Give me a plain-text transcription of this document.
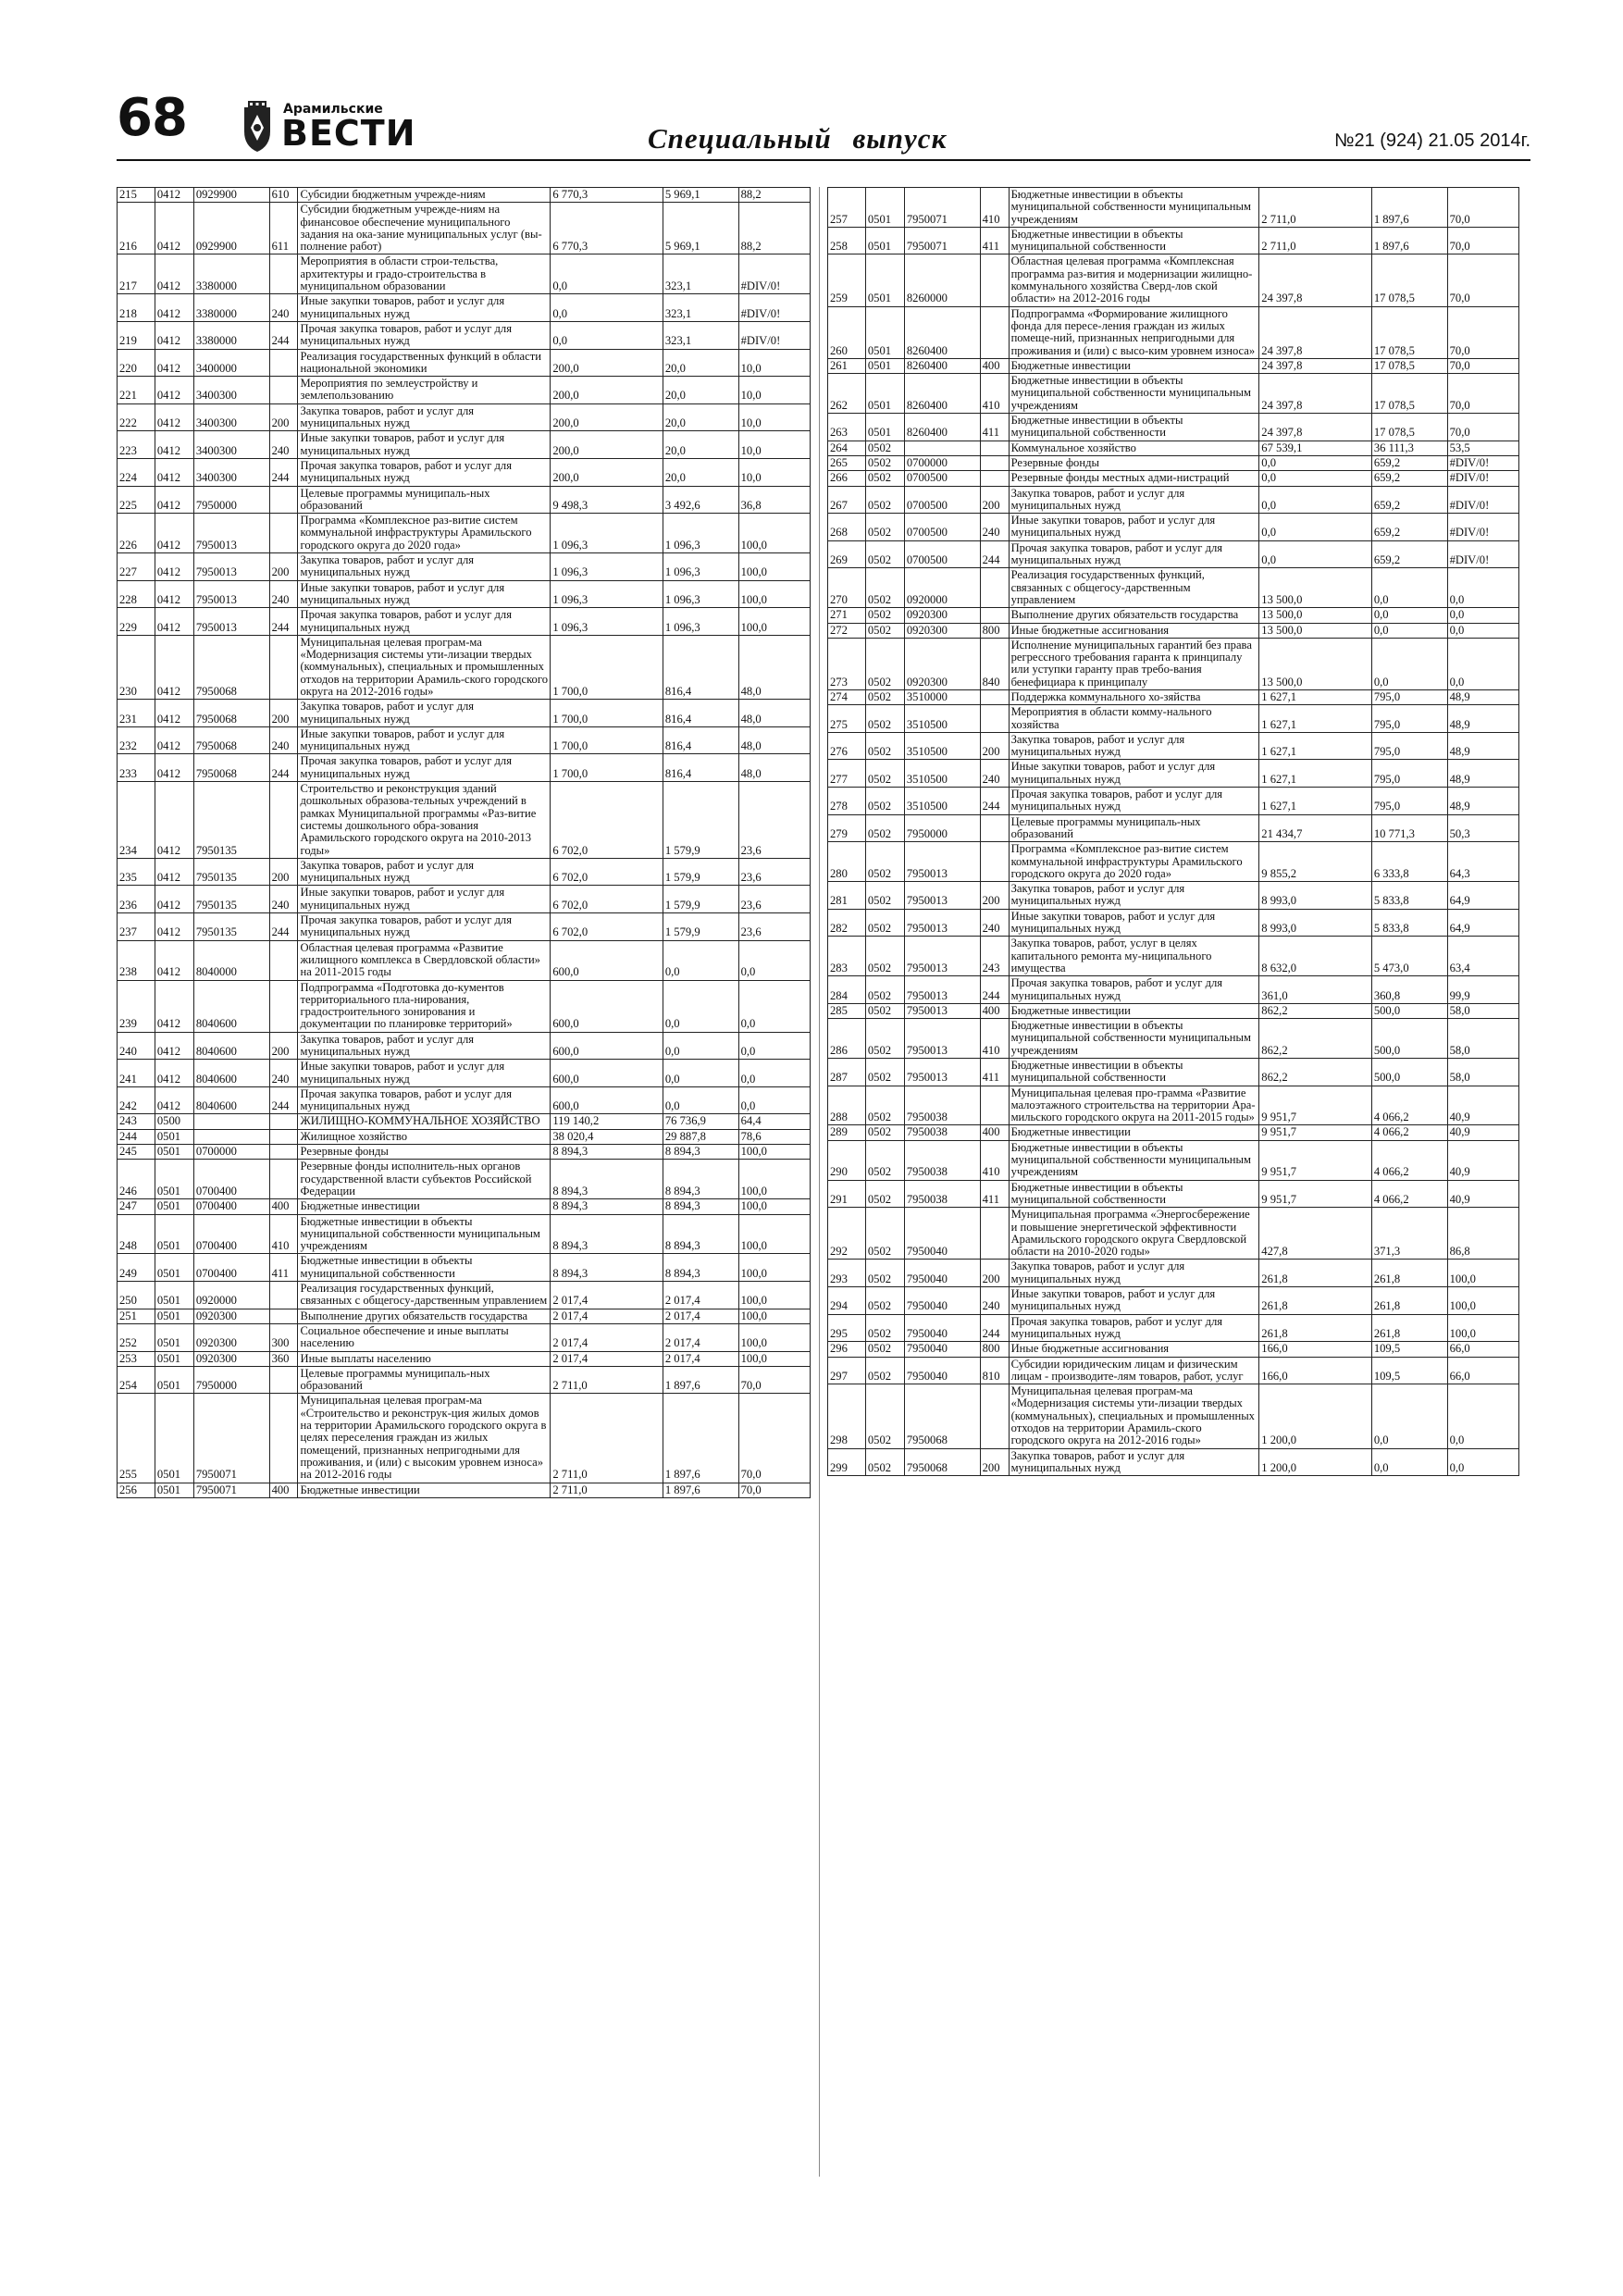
68	Арамильские
ВЕСТИ	Специальный выпуск	№21 (924) 21.05 2014г.
215	0412	0929900	610	Субсидии бюджетным учрежде-ниям	6 770,3	5 969,1	88,2
216	0412	0929900	611	Субсидии бюджетным учрежде-ниям на финансовое обеспечение муниципального задания на ока-зание муниципальных услуг (вы-полнение работ)	6 770,3	5 969,1	88,2
217	0412	3380000		Мероприятия в области строи-тельства, архитектуры и градо-строительства в муниципальном образовании	0,0	323,1	#DIV/0!
218	0412	3380000	240	Иные закупки товаров, работ и услуг для муниципальных нужд	0,0	323,1	#DIV/0!
219	0412	3380000	244	Прочая закупка товаров, работ и услуг для муниципальных нужд	0,0	323,1	#DIV/0!
220	0412	3400000		Реализация государственных функций в области национальной экономики	200,0	20,0	10,0
221	0412	3400300		Мероприятия по землеустройству и землепользованию	200,0	20,0	10,0
222	0412	3400300	200	Закупка товаров, работ и услуг для муниципальных нужд	200,0	20,0	10,0
223	0412	3400300	240	Иные закупки товаров, работ и услуг для муниципальных нужд	200,0	20,0	10,0
224	0412	3400300	244	Прочая закупка товаров, работ и услуг для муниципальных нужд	200,0	20,0	10,0
225	0412	7950000		Целевые программы муниципаль-ных образований	9 498,3	3 492,6	36,8
226	0412	7950013		Программа «Комплексное раз-витие систем коммунальной инфраструктуры Арамильского городского округа до 2020 года»	1 096,3	1 096,3	100,0
227	0412	7950013	200	Закупка товаров, работ и услуг для муниципальных нужд	1 096,3	1 096,3	100,0
228	0412	7950013	240	Иные закупки товаров, работ и услуг для муниципальных нужд	1 096,3	1 096,3	100,0
229	0412	7950013	244	Прочая закупка товаров, работ и услуг для муниципальных нужд	1 096,3	1 096,3	100,0
230	0412	7950068		Муниципальная целевая програм-ма «Модернизация системы ути-лизации твердых (коммунальных), специальных и промышленных отходов на территории Арамиль-ского городского округа на 2012-2016 годы»	1 700,0	816,4	48,0
231	0412	7950068	200	Закупка товаров, работ и услуг для муниципальных нужд	1 700,0	816,4	48,0
232	0412	7950068	240	Иные закупки товаров, работ и услуг для муниципальных нужд	1 700,0	816,4	48,0
233	0412	7950068	244	Прочая закупка товаров, работ и услуг для муниципальных нужд	1 700,0	816,4	48,0
234	0412	7950135		Строительство и реконструкция зданий дошкольных образова-тельных учреждений в рамках Муниципальной программы «Раз-витие системы дошкольного обра-зования Арамильского городского округа на 2010-2013 годы»	6 702,0	1 579,9	23,6
235	0412	7950135	200	Закупка товаров, работ и услуг для муниципальных нужд	6 702,0	1 579,9	23,6
236	0412	7950135	240	Иные закупки товаров, работ и услуг для муниципальных нужд	6 702,0	1 579,9	23,6
237	0412	7950135	244	Прочая закупка товаров, работ и услуг для муниципальных нужд	6 702,0	1 579,9	23,6
238	0412	8040000		Областная целевая программа «Развитие жилищного комплекса в Свердловской области» на 2011-2015 годы	600,0	0,0	0,0
239	0412	8040600		Подпрограмма «Подготовка до-кументов территориального пла-нирования, градостроительного зонирования и документации по планировке территорий»	600,0	0,0	0,0
240	0412	8040600	200	Закупка товаров, работ и услуг для муниципальных нужд	600,0	0,0	0,0
241	0412	8040600	240	Иные закупки товаров, работ и услуг для муниципальных нужд	600,0	0,0	0,0
242	0412	8040600	244	Прочая закупка товаров, работ и услуг для муниципальных нужд	600,0	0,0	0,0
243	0500			ЖИЛИЩНО-КОММУНАЛЬНОЕ ХОЗЯЙСТВО	119 140,2	76 736,9	64,4
244	0501			Жилищное хозяйство	38 020,4	29 887,8	78,6
245	0501	0700000		Резервные фонды	8 894,3	8 894,3	100,0
246	0501	0700400		Резервные фонды исполнитель-ных органов государственной власти субъектов Российской Федерации	8 894,3	8 894,3	100,0
247	0501	0700400	400	Бюджетные инвестиции	8 894,3	8 894,3	100,0
248	0501	0700400	410	Бюджетные инвестиции в объекты муниципальной собственности муниципальным учреждениям	8 894,3	8 894,3	100,0
249	0501	0700400	411	Бюджетные инвестиции в объекты муниципальной собственности	8 894,3	8 894,3	100,0
250	0501	0920000		Реализация государственных функций, связанных с общегосу-дарственным управлением	2 017,4	2 017,4	100,0
251	0501	0920300		Выполнение других обязательств государства	2 017,4	2 017,4	100,0
252	0501	0920300	300	Социальное обеспечение и иные выплаты населению	2 017,4	2 017,4	100,0
253	0501	0920300	360	Иные выплаты населению	2 017,4	2 017,4	100,0
254	0501	7950000		Целевые программы муниципаль-ных образований	2 711,0	1 897,6	70,0
255	0501	7950071		Муниципальная целевая програм-ма «Строительство и реконструк-ция жилых домов на территории Арамильского городского округа в целях переселения граждан из жилых помещений, признанных непригодными для проживания, и (или) с высоким уровнем износа» на 2012-2016 годы	2 711,0	1 897,6	70,0
256	0501	7950071	400	Бюджетные инвестиции	2 711,0	1 897,6	70,0
257	0501	7950071	410	Бюджетные инвестиции в объекты муниципальной собственности муниципальным учреждениям	2 711,0	1 897,6	70,0
258	0501	7950071	411	Бюджетные инвестиции в объекты муниципальной собственности	2 711,0	1 897,6	70,0
259	0501	8260000		Областная целевая программа «Комплексная программа раз-вития и модернизации жилищно-коммунального хозяйства Сверд-лов ской области» на 2012-2016 годы	24 397,8	17 078,5	70,0
260	0501	8260400		Подпрограмма «Формирование жилищного фонда для пересе-ления граждан из жилых помеще-ний, признанных непригодными для проживания и (или) с высо-ким уровнем износа»	24 397,8	17 078,5	70,0
261	0501	8260400	400	Бюджетные инвестиции	24 397,8	17 078,5	70,0
262	0501	8260400	410	Бюджетные инвестиции в объекты муниципальной собственности муниципальным учреждениям	24 397,8	17 078,5	70,0
263	0501	8260400	411	Бюджетные инвестиции в объекты муниципальной собственности	24 397,8	17 078,5	70,0
264	0502			Коммунальное хозяйство	67 539,1	36 111,3	53,5
265	0502	0700000		Резервные фонды	0,0	659,2	#DIV/0!
266	0502	0700500		Резервные фонды местных адми-нистраций	0,0	659,2	#DIV/0!
267	0502	0700500	200	Закупка товаров, работ и услуг для муниципальных нужд	0,0	659,2	#DIV/0!
268	0502	0700500	240	Иные закупки товаров, работ и услуг для муниципальных нужд	0,0	659,2	#DIV/0!
269	0502	0700500	244	Прочая закупка товаров, работ и услуг для муниципальных нужд	0,0	659,2	#DIV/0!
270	0502	0920000		Реализация государственных функций, связанных с общегосу-дарственным управлением	13 500,0	0,0	0,0
271	0502	0920300		Выполнение других обязательств государства	13 500,0	0,0	0,0
272	0502	0920300	800	Иные бюджетные ассигнования	13 500,0	0,0	0,0
273	0502	0920300	840	Исполнение муниципальных гарантий без права регрессного требования гаранта к принципалу или уступки гаранту прав требо-вания бенефициара к принципалу	13 500,0	0,0	0,0
274	0502	3510000		Поддержка коммунального хо-зяйства	1 627,1	795,0	48,9
275	0502	3510500		Мероприятия в области комму-нального хозяйства	1 627,1	795,0	48,9
276	0502	3510500	200	Закупка товаров, работ и услуг для муниципальных нужд	1 627,1	795,0	48,9
277	0502	3510500	240	Иные закупки товаров, работ и услуг для муниципальных нужд	1 627,1	795,0	48,9
278	0502	3510500	244	Прочая закупка товаров, работ и услуг для муниципальных нужд	1 627,1	795,0	48,9
279	0502	7950000		Целевые программы муниципаль-ных образований	21 434,7	10 771,3	50,3
280	0502	7950013		Программа «Комплексное раз-витие систем коммунальной инфраструктуры Арамильского городского округа до 2020 года»	9 855,2	6 333,8	64,3
281	0502	7950013	200	Закупка товаров, работ и услуг для муниципальных нужд	8 993,0	5 833,8	64,9
282	0502	7950013	240	Иные закупки товаров, работ и услуг для муниципальных нужд	8 993,0	5 833,8	64,9
283	0502	7950013	243	Закупка товаров, работ, услуг в целях капитального ремонта му-ниципального имущества	8 632,0	5 473,0	63,4
284	0502	7950013	244	Прочая закупка товаров, работ и услуг для муниципальных нужд	361,0	360,8	99,9
285	0502	7950013	400	Бюджетные инвестиции	862,2	500,0	58,0
286	0502	7950013	410	Бюджетные инвестиции в объекты муниципальной собственности муниципальным учреждениям	862,2	500,0	58,0
287	0502	7950013	411	Бюджетные инвестиции в объекты муниципальной собственности	862,2	500,0	58,0
288	0502	7950038		Муниципальная целевая про-грамма «Развитие малоэтажного строительства на территории Ара-мильского городского округа на 2011-2015 годы»	9 951,7	4 066,2	40,9
289	0502	7950038	400	Бюджетные инвестиции	9 951,7	4 066,2	40,9
290	0502	7950038	410	Бюджетные инвестиции в объекты муниципальной собственности муниципальным учреждениям	9 951,7	4 066,2	40,9
291	0502	7950038	411	Бюджетные инвестиции в объекты муниципальной собственности	9 951,7	4 066,2	40,9
292	0502	7950040		Муниципальная программа «Энергосбережение и повышение энергетической эффективности Арамильского городского округа Свердловской области на 2010-2020 годы»	427,8	371,3	86,8
293	0502	7950040	200	Закупка товаров, работ и услуг для муниципальных нужд	261,8	261,8	100,0
294	0502	7950040	240	Иные закупки товаров, работ и услуг для муниципальных нужд	261,8	261,8	100,0
295	0502	7950040	244	Прочая закупка товаров, работ и услуг для муниципальных нужд	261,8	261,8	100,0
296	0502	7950040	800	Иные бюджетные ассигнования	166,0	109,5	66,0
297	0502	7950040	810	Субсидии юридическим лицам и физическим лицам - производите-лям товаров, работ, услуг	166,0	109,5	66,0
298	0502	7950068		Муниципальная целевая програм-ма «Модернизация системы ути-лизации твердых (коммунальных), специальных и промышленных отходов на территории Арамиль-ского городского округа на 2012-2016 годы»	1 200,0	0,0	0,0
299	0502	7950068	200	Закупка товаров, работ и услуг для муниципальных нужд	1 200,0	0,0	0,0
